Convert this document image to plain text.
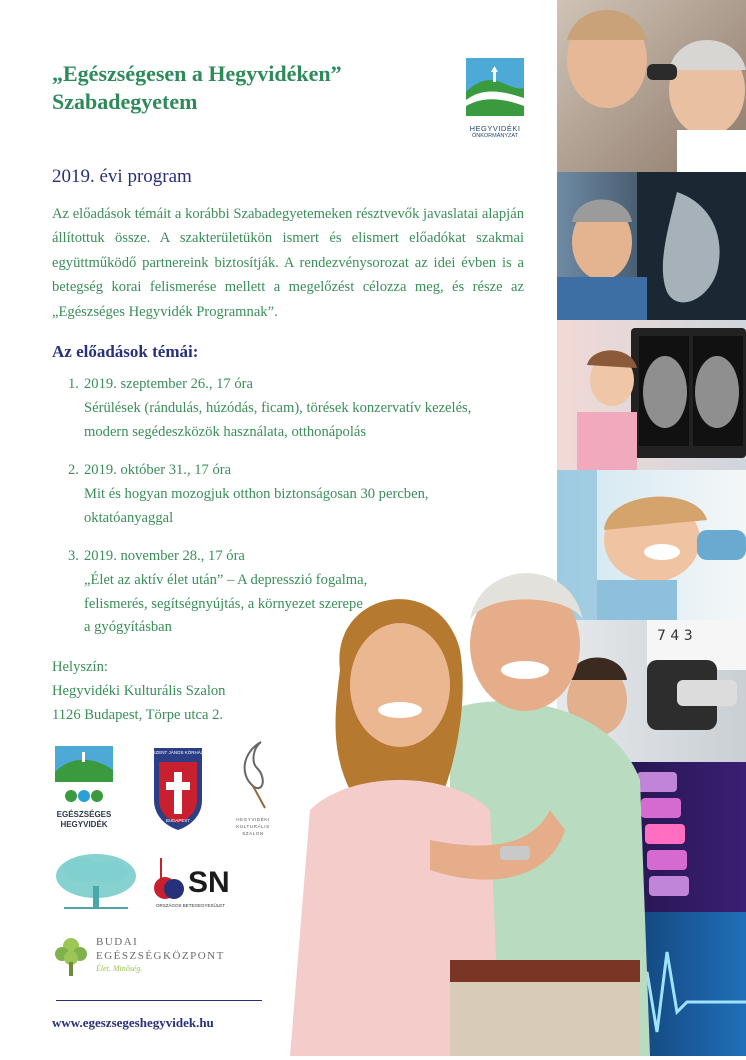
„Egészségesen a Hegyvidéken”
Szabadegyetem
HEGYVIDÉKI
ÖNKORMÁNYZAT
2019. évi program
Az előadások témáit a korábbi Szabadegyetemeken résztvevők javaslatai alapján állítottuk össze. A szakterületükön ismert és elismert előadókat szakmai együttműködő partnereink biztosítják. A rendezvénysorozat az idei évben is a betegség korai felismerése mellett a megelőzést célozza meg, és része az „Egészséges Hegyvidék Programnak”.
Az előadások témái:
1. 2019. szeptember 26., 17 óra
Sérülések (rándulás, húzódás, ficam), törések konzervatív kezelés,
modern segédeszközök használata, otthonápolás
2. 2019. október 31., 17 óra
Mit és hogyan mozogjuk otthon biztonságosan 30 percben,
oktatóanyaggal
3. 2019. november 28., 17 óra
„Élet az aktív élet után” – A depresszió fogalma,
felismerés, segítségnyújtás, a környezet szerepe
a gyógyításban
Helyszín:
Hegyvidéki Kulturális Szalon
1126 Budapest, Törpe utca 2.
7 4 3
EGÉSZSÉGES
HEGYVIDÉK
SZENT JÁNOS KÓRHÁZ
BUDAPEST	HEGYVIDÉKI
KULTURÁLIS
SZALON
SN
ORSZÁGOS BETEGEGYESÜLET
BUDAI
EGÉSZSÉGKÖZPONT
Élet. Minőség.
www.egeszsegeshegyvidek.hu
